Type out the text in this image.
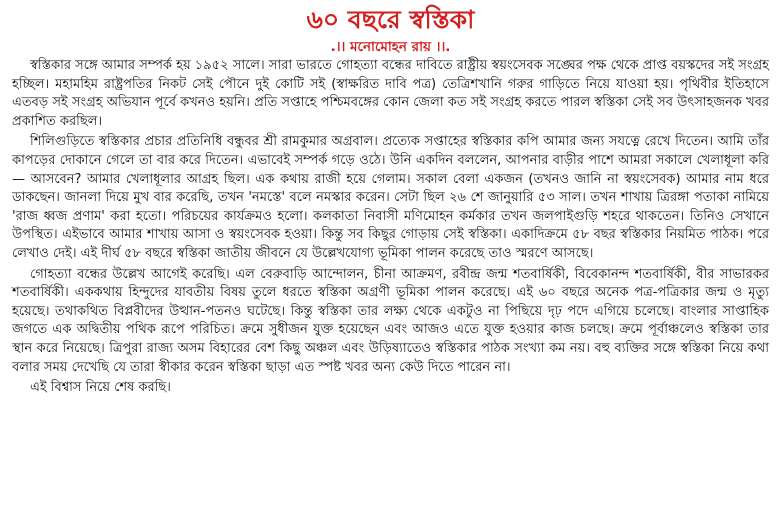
৬০ বছরে স্বস্তিকা
.।। মনোমোহন রায় ।।.

স্বস্তিকার সঙ্গে আমার সম্পর্ক হয় ১৯৫২ সালে। সারা ভারতে গোহত্যা বন্ধের দাবিতে রাষ্ট্রীয় স্বয়ংসেবক সঙ্ঘের পক্ষ থেকে প্রাপ্ত বয়স্কদের সই সংগ্রহ হচ্ছিল। মহামহিম রাষ্ট্রপতির নিকট সেই পৌনে দুই কোটি সই (স্বাক্ষরিত দাবি পত্র) তেত্রিশখানি গরুর গাড়িতে নিয়ে যাওয়া হয়। পৃথিবীর ইতিহাসে এতবড় সই সংগ্রহ অভিযান পূর্বে কখনও হয়নি। প্রতি সপ্তাহে পশ্চিমবঙ্গের কোন জেলা কত সই সংগ্রহ করতে পারল স্বস্তিকা সেই সব উৎসাহজনক খবর প্রকাশিত করছিল।

শিলিগুড়িতে স্বস্তিকার প্রচার প্রতিনিধি বন্ধুবর শ্রী রামকুমার অগ্রবাল। প্রত্যেক সপ্তাহের স্বস্তিকার কপি আমার জন্য সযত্নে রেখে দিতেন। আমি তাঁর কাপড়ের দোকানে গেলে তা বার করে দিতেন। এভাবেই সম্পর্ক গড়ে ওঠে। উনি একদিন বললেন, আপনার বাড়ীর পাশে আমরা সকালে খেলাধূলা করি — আসবেন? আমার খেলাধূলার আগ্রহ ছিল। এক কথায় রাজী হয়ে গেলাম। সকাল বেলা একজন (তখনও জানি না স্বয়ংসেবক) আমার নাম ধরে ডাকছেন। জানলা দিয়ে মুখ বার করেছি, তখন 'নমস্তে' বলে নমস্কার করেন। সেটা ছিল ২৬ শে জানুয়ারি ৫৩ সাল। তখন শাখায় ত্রিরঙ্গা পতাকা নামিয়ে 'রাজ ধ্বজ প্রণাম' করা হতো। পরিচয়ের কার্যক্রমও হলো। কলকাতা নিবাসী মণিমোহন কর্মকার তখন জলপাইগুড়ি শহরে থাকতেন। তিনিও সেখানে উপস্থিত। এইভাবে আমার শাখায় আসা ও স্বয়ংসেবক হওয়া। কিন্তু সব কিছুর গোড়ায় সেই স্বস্তিকা। একাদিক্রমে ৫৮ বছর স্বস্তিকার নিয়মিত পাঠক। পরে লেখাও দেই। এই দীর্ঘ ৫৮ বছরে স্বস্তিকা জাতীয় জীবনে যে উল্লেখযোগ্য ভূমিকা পালন করেছে তাও স্মরণে আসছে।

গোহত্যা বন্ধের উল্লেখ আগেই করেছি। এল বেরুবাড়ি আন্দোলন, চীনা আক্রমণ, রবীন্দ্র জন্ম শতবার্ষিকী, বিবেকানন্দ শতবার্ষিকী, বীর সাভারকর শতবার্ষিকী। এককথায় হিন্দুদের যাবতীয় বিষয় তুলে ধরতে স্বস্তিকা অগ্রণী ভূমিকা পালন করেছে। এই ৬০ বছরে অনেক পত্র-পত্রিকার জন্ম ও মৃত্যু হয়েছে। তথাকথিত বিপ্লবীদের উত্থান-পতনও ঘটেছে। কিন্তু স্বস্তিকা তার লক্ষ্য থেকে একটুও না পিছিয়ে দৃঢ় পদে এগিয়ে চলেছে। বাংলার সাপ্তাহিক জগতে এক অদ্বিতীয় পথিক রূপে পরিচিত। ক্রমে সুধীজন যুক্ত হয়েছেন এবং আজও এতে যুক্ত হওয়ার কাজ চলছে। ক্রমে পূর্বাঞ্চলেও স্বস্তিকা তার স্থান করে নিয়েছে। ত্রিপুরা রাজ্য অসম বিহারের বেশ কিছু অঞ্চল এবং উড়িষ্যাতেও স্বস্তিকার পাঠক সংখ্যা কম নয়। বহু ব্যক্তির সঙ্গে স্বস্তিকা নিয়ে কথা বলার সময় দেখেছি যে তারা স্বীকার করেন স্বস্তিকা ছাড়া এত স্পষ্ট খবর অন্য কেউ দিতে পারেন না।

এই বিশ্বাস নিয়ে শেষ করছি।
